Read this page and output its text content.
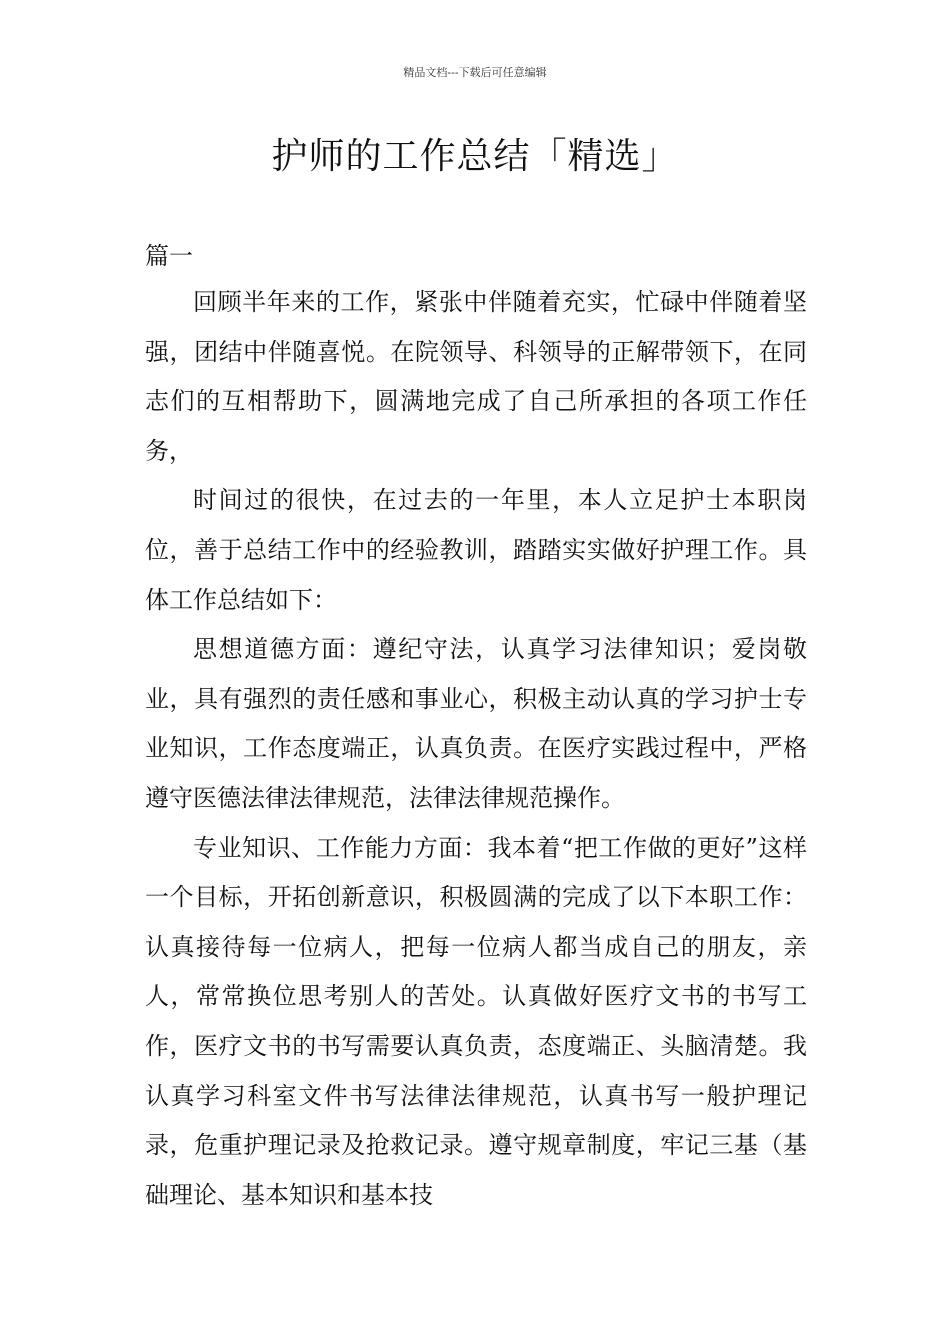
精品文档---下载后可任意编辑
护师的工作总结「精选」
篇一

回顾半年来的工作，紧张中伴随着充实，忙碌中伴随着坚强，团结中伴随喜悦。在院领导、科领导的正解带领下，在同志们的互相帮助下，圆满地完成了自己所承担的各项工作任务，

时间过的很快，在过去的一年里，本人立足护士本职岗位，善于总结工作中的经验教训，踏踏实实做好护理工作。具体工作总结如下：

思想道德方面：遵纪守法，认真学习法律知识；爱岗敬业，具有强烈的责任感和事业心，积极主动认真的学习护士专业知识，工作态度端正，认真负责。在医疗实践过程中，严格遵守医德法律法律规范，法律法律规范操作。

专业知识、工作能力方面：我本着“把工作做的更好”这样一个目标，开拓创新意识，积极圆满的完成了以下本职工作：认真接待每一位病人，把每一位病人都当成自己的朋友，亲人，常常换位思考别人的苦处。认真做好医疗文书的书写工作，医疗文书的书写需要认真负责，态度端正、头脑清楚。我认真学习科室文件书写法律法律规范，认真书写一般护理记录，危重护理记录及抢救记录。遵守规章制度，牢记三基（基础理论、基本知识和基本技
